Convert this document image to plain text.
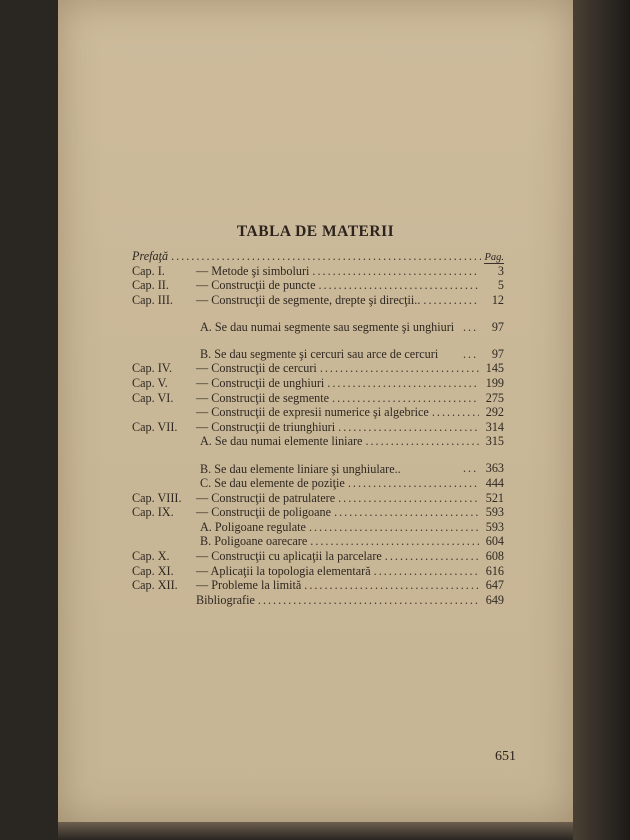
TABLA DE MATERII
Prefaţă .....	Pag.
Cap. I.	— Metode şi simboluri .....	3
Cap. II.	— Construcţii de puncte .....	5
Cap. III.	— Construcţii de segmente, drepte şi direcţii.. .....	12
A. Se dau numai segmente sau segmente şi unghiuri .....	97
B. Se dau segmente şi cercuri sau arce de cercuri .....	97
Cap. IV.	— Construcţii de cercuri .....	145
Cap. V.	— Construcţii de unghiuri .....	199
Cap. VI.	— Construcţii de segmente .....	275
— Construcţii de expresii numerice şi algebrice .....	292
Cap. VII.	— Construcţii de triunghiuri .....	314
A. Se dau numai elemente liniare .....	315
B. Se dau elemente liniare şi unghiulare.. .....	363
C. Se dau elemente de poziţie .....	444
Cap. VIII.	— Construcţii de patrulatere .....	521
Cap. IX.	— Construcţii de poligoane .....	593
A. Poligoane regulate .....	593
B. Poligoane oarecare .....	604
Cap. X.	— Construcţii cu aplicaţii la parcelare .....	608
Cap. XI.	— Aplicaţii la topologia elementară .....	616
Cap. XII.	— Probleme la limită .....	647
Bibliografie .....	649
651
